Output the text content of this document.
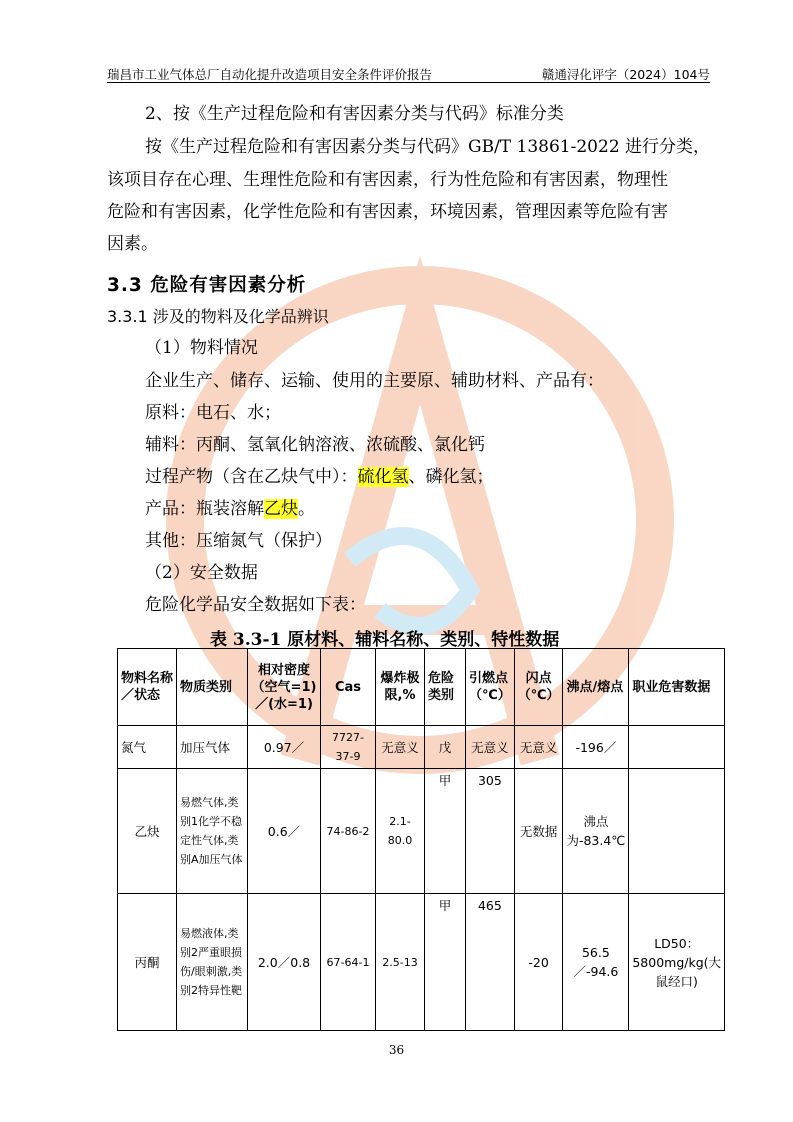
瑞昌市工业气体总厂自动化提升改造项目安全条件评价报告	赣通浔化评字（2024）104号
2、按《生产过程危险和有害因素分类与代码》标准分类
按《生产过程危险和有害因素分类与代码》GB/T 13861-2022 进行分类，
该项目存在心理、生理性危险和有害因素，行为性危险和有害因素，物理性
危险和有害因素，化学性危险和有害因素，环境因素，管理因素等危险有害
因素。
3.3 危险有害因素分析
3.3.1 涉及的物料及化学品辨识
（1）物料情况
企业生产、储存、运输、使用的主要原、辅助材料、产品有：
原料：电石、水；
辅料：丙酮、氢氧化钠溶液、浓硫酸、氯化钙
过程产物（含在乙炔气中）：硫化氢、磷化氢；
产品：瓶装溶解乙炔。
其他：压缩氮气（保护）
（2）安全数据
危险化学品安全数据如下表：
表 3.3-1 原材料、辅料名称、类别、特性数据
物料名称／状态	物质类别	相对密度（空气=1)／(水=1)	Cas	爆炸极限,%	危险类别	引燃点（℃）	闪点（℃）	沸点/熔点	职业危害数据
氮气	加压气体	0.97／	7727-37-9	无意义	戊	无意义	无意义	-196／	
乙炔	易燃气体,类别1化学不稳定性气体,类别A加压气体	0.6／	74-86-2	2.1-80.0	甲	305	无数据	沸点为-83.4℃	
丙酮	易燃液体,类别2严重眼损伤/眼刺激,类别2特异性靶	2.0／0.8	67-64-1	2.5-13	甲	465	-20	56.5／-94.6	LD50：5800mg/kg(大鼠经口)
36
